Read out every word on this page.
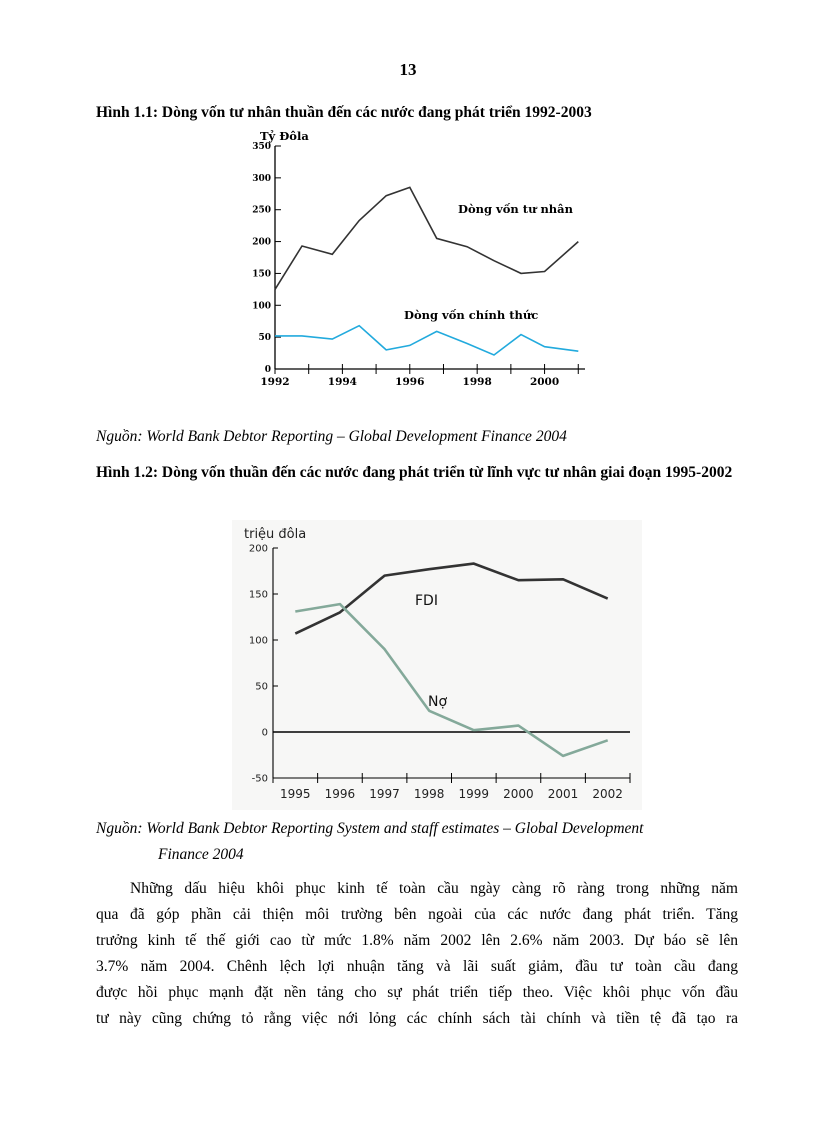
13
Hình 1.1: Dòng vốn tư nhân thuần đến các nước đang phát triển 1992-2003
0
50
100
150
200
250
300
350
1992	1994	1996	1998	2000
Tỷ Đôla
Dòng vốn tư nhân
Dòng vốn chính thức
Nguồn: World Bank Debtor Reporting – Global Development Finance 2004
Hình 1.2: Dòng vốn thuần đến các nước đang phát triển từ lĩnh vực tư nhân giai đoạn 1995-2002
-50
0
50
100
150
200
1995 1996 1997 1998 1999 2000 2001 2002
triệu đôla
FDI
Nợ
Nguồn: World Bank Debtor Reporting System and staff estimates – Global Development
Finance 2004
Những dấu hiệu khôi phục kinh tế toàn cầu ngày càng rõ ràng trong những năm
qua đã góp phần cải thiện môi trường bên ngoài của các nước đang phát triển. Tăng
trưởng kinh tế thế giới cao từ mức 1.8% năm 2002 lên 2.6% năm 2003. Dự báo sẽ lên
3.7% năm 2004. Chênh lệch lợi nhuận tăng và lãi suất giảm, đầu tư toàn cầu đang
được hồi phục mạnh đặt nền tảng cho sự phát triển tiếp theo. Việc khôi phục vốn đầu
tư này cũng chứng tỏ rằng việc nới lỏng các chính sách tài chính và tiền tệ đã tạo ra
